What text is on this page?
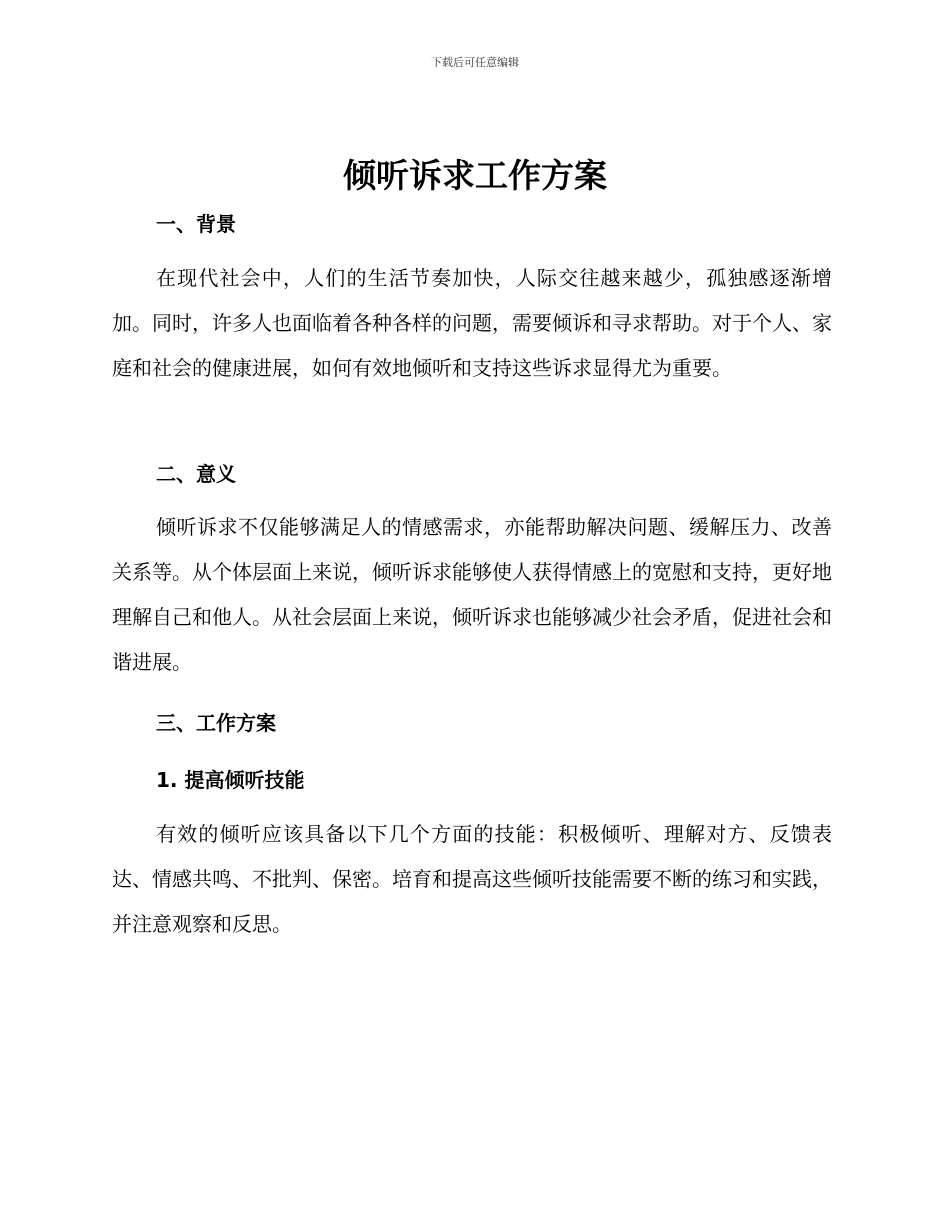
下载后可任意编辑
倾听诉求工作方案
一、背景

在现代社会中，人们的生活节奏加快，人际交往越来越少，孤独感逐渐增加。同时，许多人也面临着各种各样的问题，需要倾诉和寻求帮助。对于个人、家庭和社会的健康进展，如何有效地倾听和支持这些诉求显得尤为重要。

二、意义

倾听诉求不仅能够满足人的情感需求，亦能帮助解决问题、缓解压力、改善关系等。从个体层面上来说，倾听诉求能够使人获得情感上的宽慰和支持，更好地理解自己和他人。从社会层面上来说，倾听诉求也能够减少社会矛盾，促进社会和谐进展。

三、工作方案
1. 提高倾听技能

有效的倾听应该具备以下几个方面的技能：积极倾听、理解对方、反馈表达、情感共鸣、不批判、保密。培育和提高这些倾听技能需要不断的练习和实践，并注意观察和反思。
